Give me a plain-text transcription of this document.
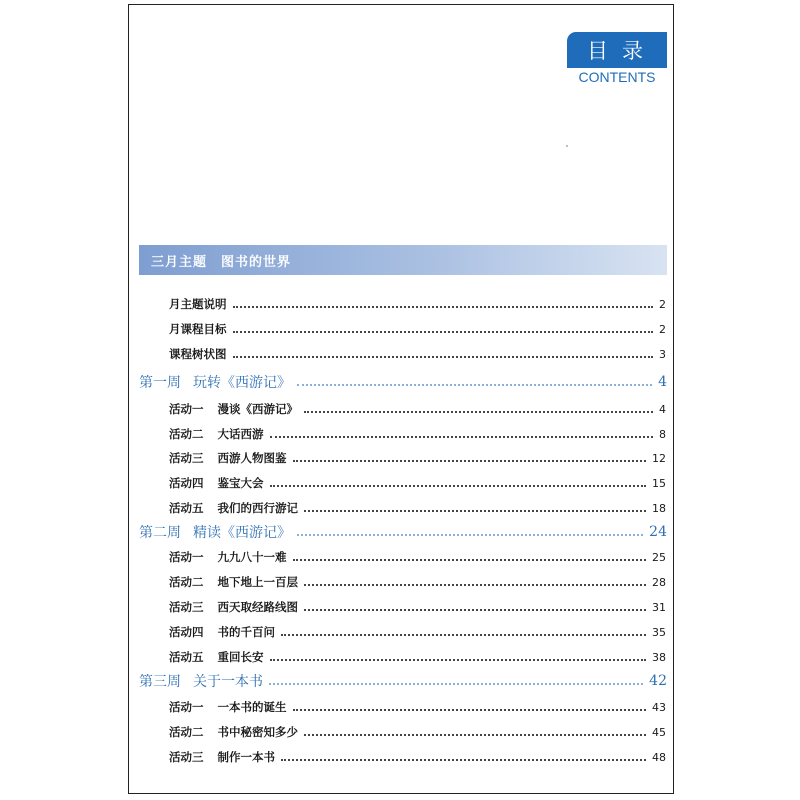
目录
CONTENTS
三月主题 图书的世界
月主题说明	2
月课程目标	2
课程树状图	3
第一周 玩转《西游记》	4
活动一 漫谈《西游记》	4
活动二 大话西游	8
活动三 西游人物图鉴	12
活动四 鉴宝大会	15
活动五 我们的西行游记	18
第二周 精读《西游记》	24
活动一 九九八十一难	25
活动二 地下地上一百层	28
活动三 西天取经路线图	31
活动四 书的千百问	35
活动五 重回长安	38
第三周 关于一本书	42
活动一 一本书的诞生	43
活动二 书中秘密知多少	45
活动三 制作一本书	48
